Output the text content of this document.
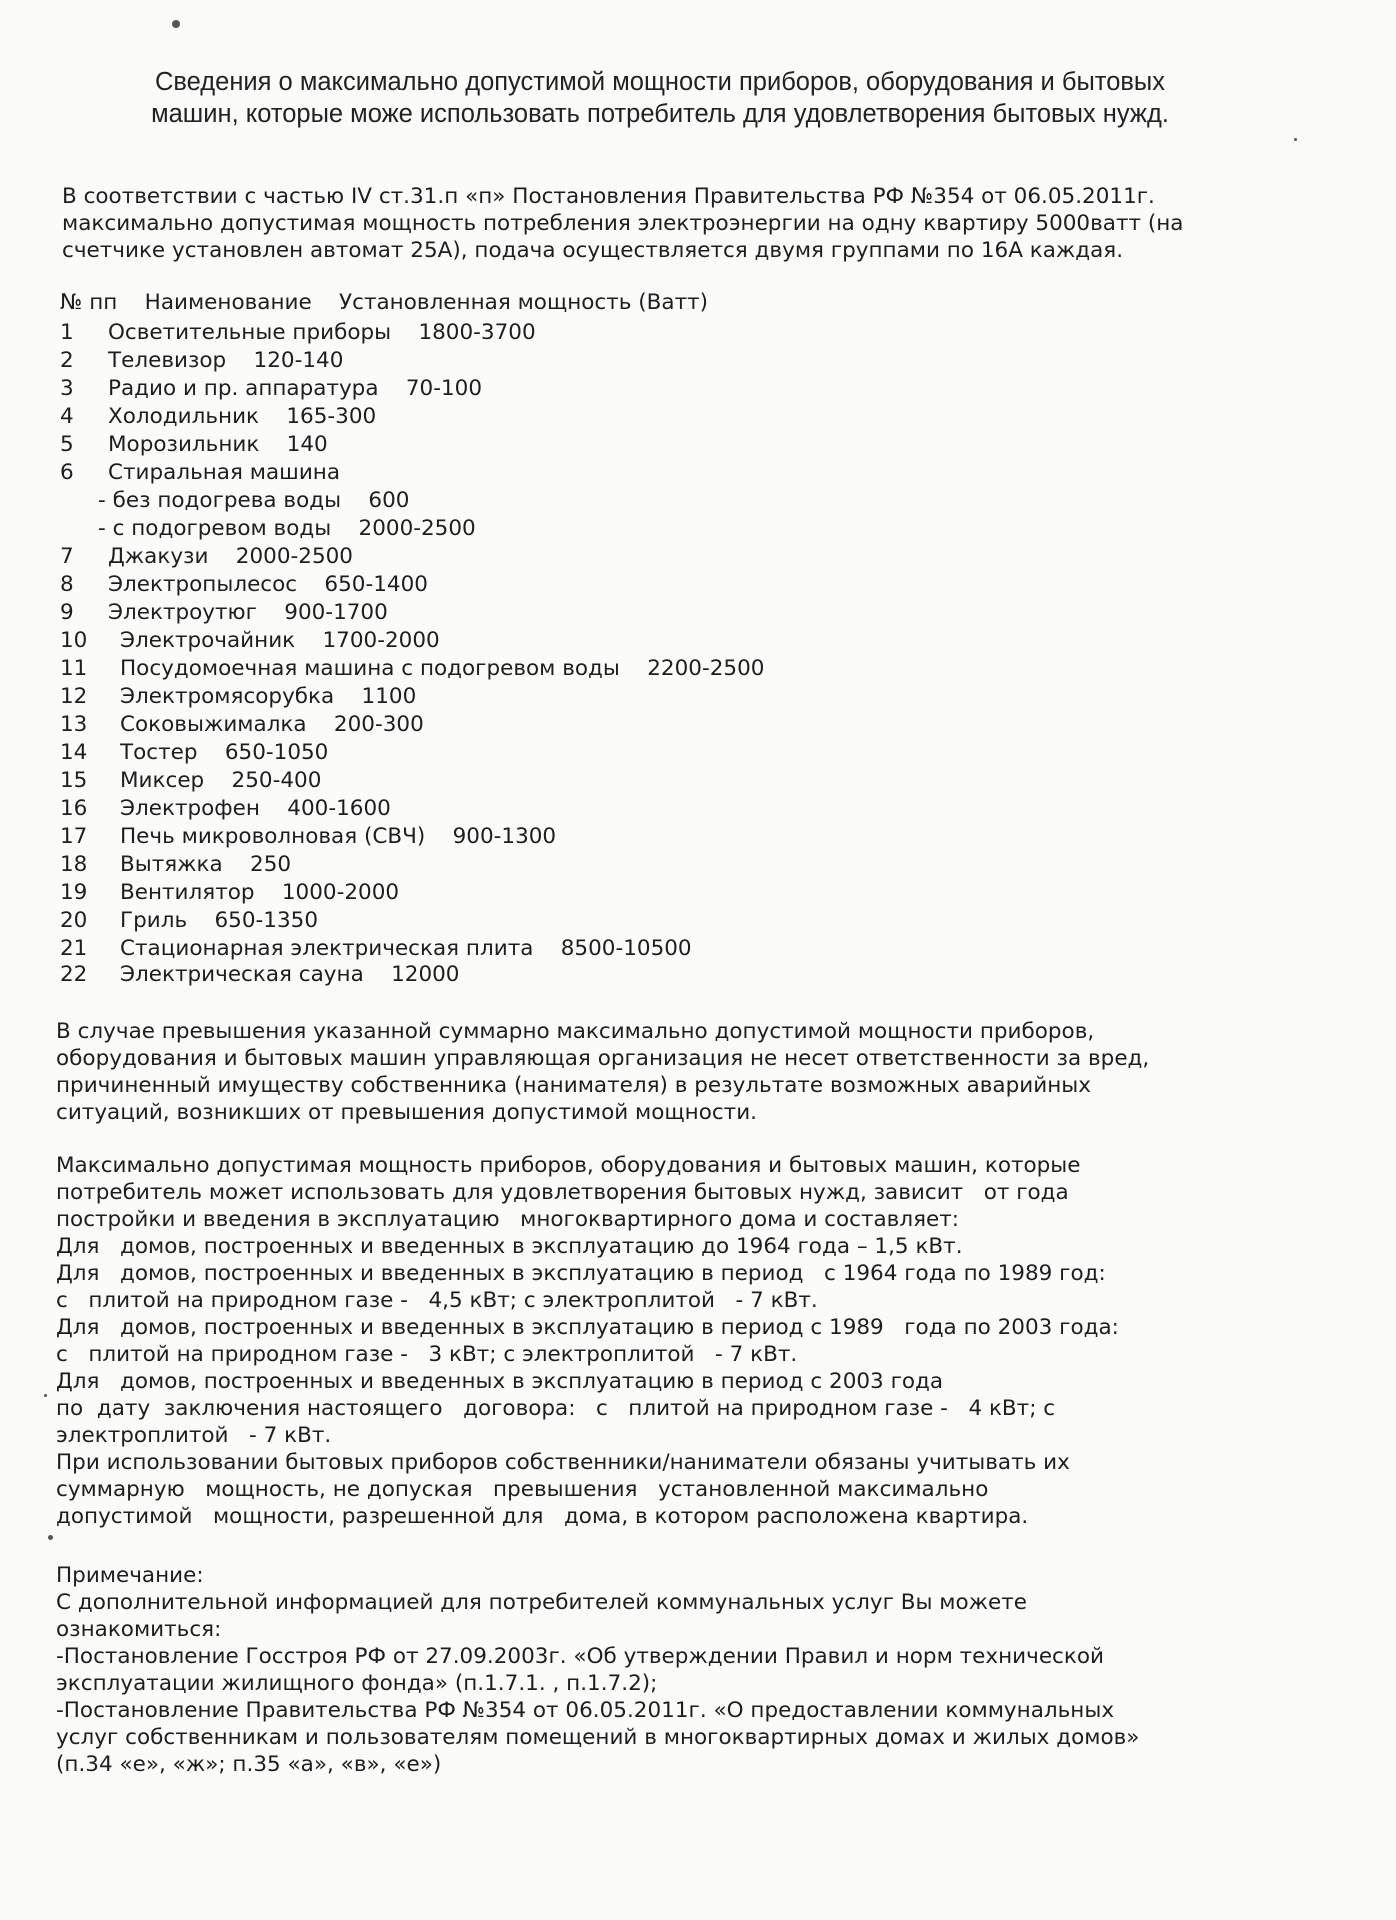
Сведения о максимально допустимой мощности приборов, оборудования и бытовых
машин, которые може использовать потребитель для удовлетворения бытовых нужд.
В соответствии с частью IV ст.31.п «п» Постановления Правительства РФ №354 от 06.05.2011г.
максимально допустимая мощность потребления электроэнергии на одну квартиру 5000ватт (на
счетчике установлен автомат 25А), подача осуществляется двумя группами по 16А каждая.
№ пп    Наименование    Установленная мощность (Ватт)
1 Осветительные приборы    1800-3700
2 Телевизор    120-140
3 Радио и пр. аппаратура    70-100
4 Холодильник    165-300
5 Морозильник    140
6 Стиральная машина
- без подогрева воды    600
- с подогревом воды    2000-2500
7 Джакузи    2000-2500
8 Электропылесос    650-1400
9 Электроутюг    900-1700
10 Электрочайник    1700-2000
11 Посудомоечная машина с подогревом воды    2200-2500
12 Электромясорубка    1100
13 Соковыжималка    200-300
14 Тостер    650-1050
15 Миксер    250-400
16 Электрофен    400-1600
17 Печь микроволновая (СВЧ)    900-1300
18 Вытяжка    250
19 Вентилятор    1000-2000
20 Гриль    650-1350
21 Стационарная электрическая плита    8500-10500
22 Электрическая сауна    12000
В случае превышения указанной суммарно максимально допустимой мощности приборов,
оборудования и бытовых машин управляющая организация не несет ответственности за вред,
причиненный имуществу собственника (нанимателя) в результате возможных аварийных
ситуаций, возникших от превышения допустимой мощности.
Максимально допустимая мощность приборов, оборудования и бытовых машин, которые
потребитель может использовать для удовлетворения бытовых нужд, зависит   от года
постройки и введения в эксплуатацию   многоквартирного дома и составляет:
Для   домов, построенных и введенных в эксплуатацию до 1964 года – 1,5 кВт.
Для   домов, построенных и введенных в эксплуатацию в период   с 1964 года по 1989 год:
с   плитой на природном газе -   4,5 кВт; с электроплитой   - 7 кВт.
Для   домов, построенных и введенных в эксплуатацию в период с 1989   года по 2003 года:
с   плитой на природном газе -   3 кВт; с электроплитой   - 7 кВт.
Для   домов, построенных и введенных в эксплуатацию в период с 2003 года
по  дату  заключения настоящего   договора:   с   плитой на природном газе -   4 кВт; с
электроплитой   - 7 кВт.
При использовании бытовых приборов собственники/наниматели обязаны учитывать их
суммарную   мощность, не допуская   превышения   установленной максимально
допустимой   мощности, разрешенной для   дома, в котором расположена квартира.
Примечание:
С дополнительной информацией для потребителей коммунальных услуг Вы можете
ознакомиться:
-Постановление Госстроя РФ от 27.09.2003г. «Об утверждении Правил и норм технической
эксплуатации жилищного фонда» (п.1.7.1. , п.1.7.2);
-Постановление Правительства РФ №354 от 06.05.2011г. «О предоставлении коммунальных
услуг собственникам и пользователям помещений в многоквартирных домах и жилых домов»
(п.34 «е», «ж»; п.35 «а», «в», «е»)
